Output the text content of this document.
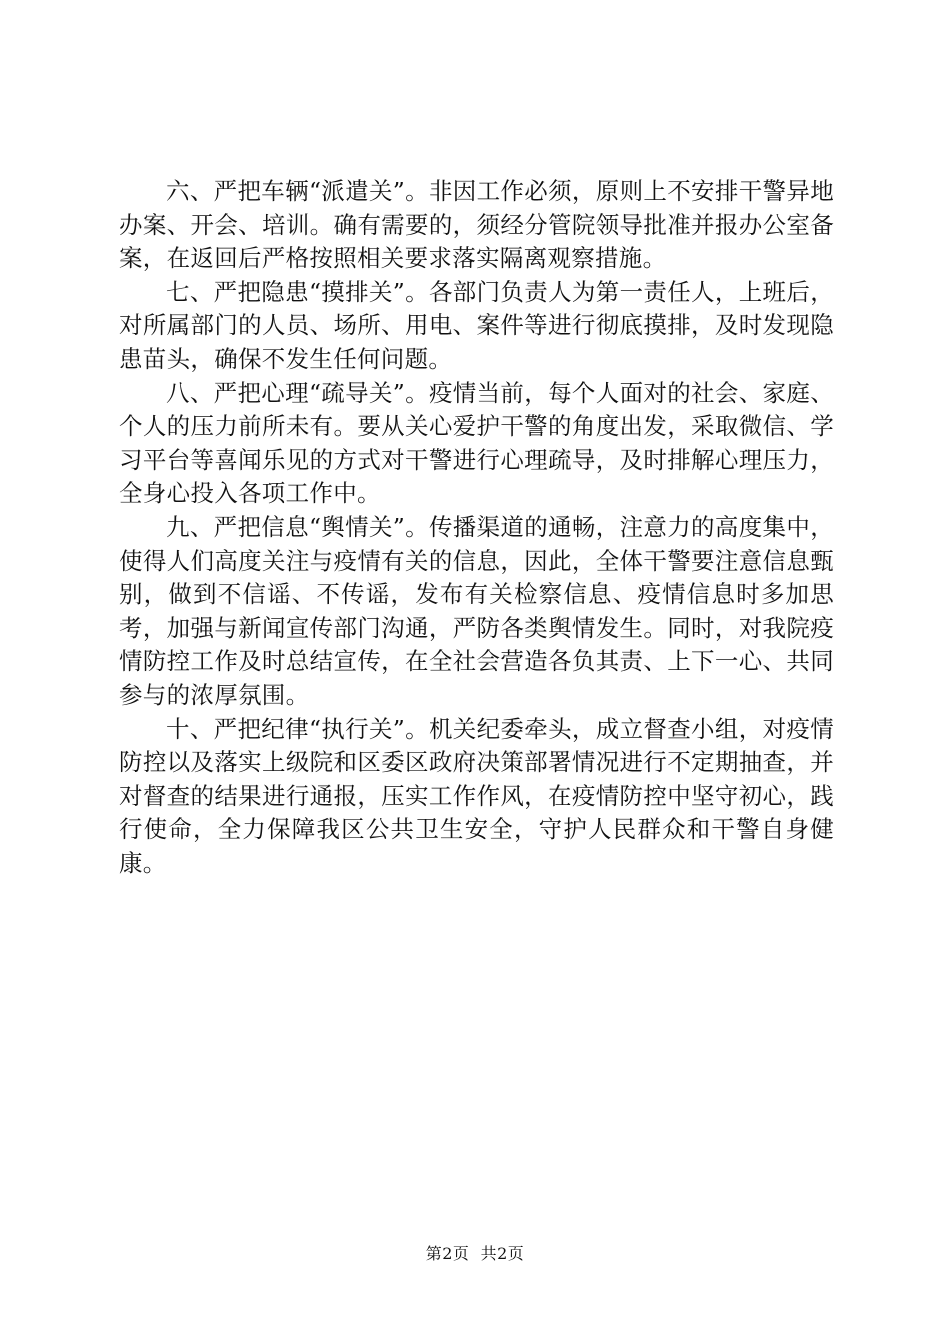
六、严把车辆“派遣关”。非因工作必须，原则上不安排干警异地办案、开会、培训。确有需要的，须经分管院领导批准并报办公室备案，在返回后严格按照相关要求落实隔离观察措施。

七、严把隐患“摸排关”。各部门负责人为第一责任人，上班后，对所属部门的人员、场所、用电、案件等进行彻底摸排，及时发现隐患苗头，确保不发生任何问题。

八、严把心理“疏导关”。疫情当前，每个人面对的社会、家庭、个人的压力前所未有。要从关心爱护干警的角度出发，采取微信、学习平台等喜闻乐见的方式对干警进行心理疏导，及时排解心理压力，全身心投入各项工作中。

九、严把信息“舆情关”。传播渠道的通畅，注意力的高度集中，使得人们高度关注与疫情有关的信息，因此，全体干警要注意信息甄别，做到不信谣、不传谣，发布有关检察信息、疫情信息时多加思考，加强与新闻宣传部门沟通，严防各类舆情发生。同时，对我院疫情防控工作及时总结宣传，在全社会营造各负其责、上下一心、共同参与的浓厚氛围。

十、严把纪律“执行关”。机关纪委牵头，成立督查小组，对疫情防控以及落实上级院和区委区政府决策部署情况进行不定期抽查，并对督查的结果进行通报，压实工作作风，在疫情防控中坚守初心，践行使命，全力保障我区公共卫生安全，守护人民群众和干警自身健康。

第2页  共2页
